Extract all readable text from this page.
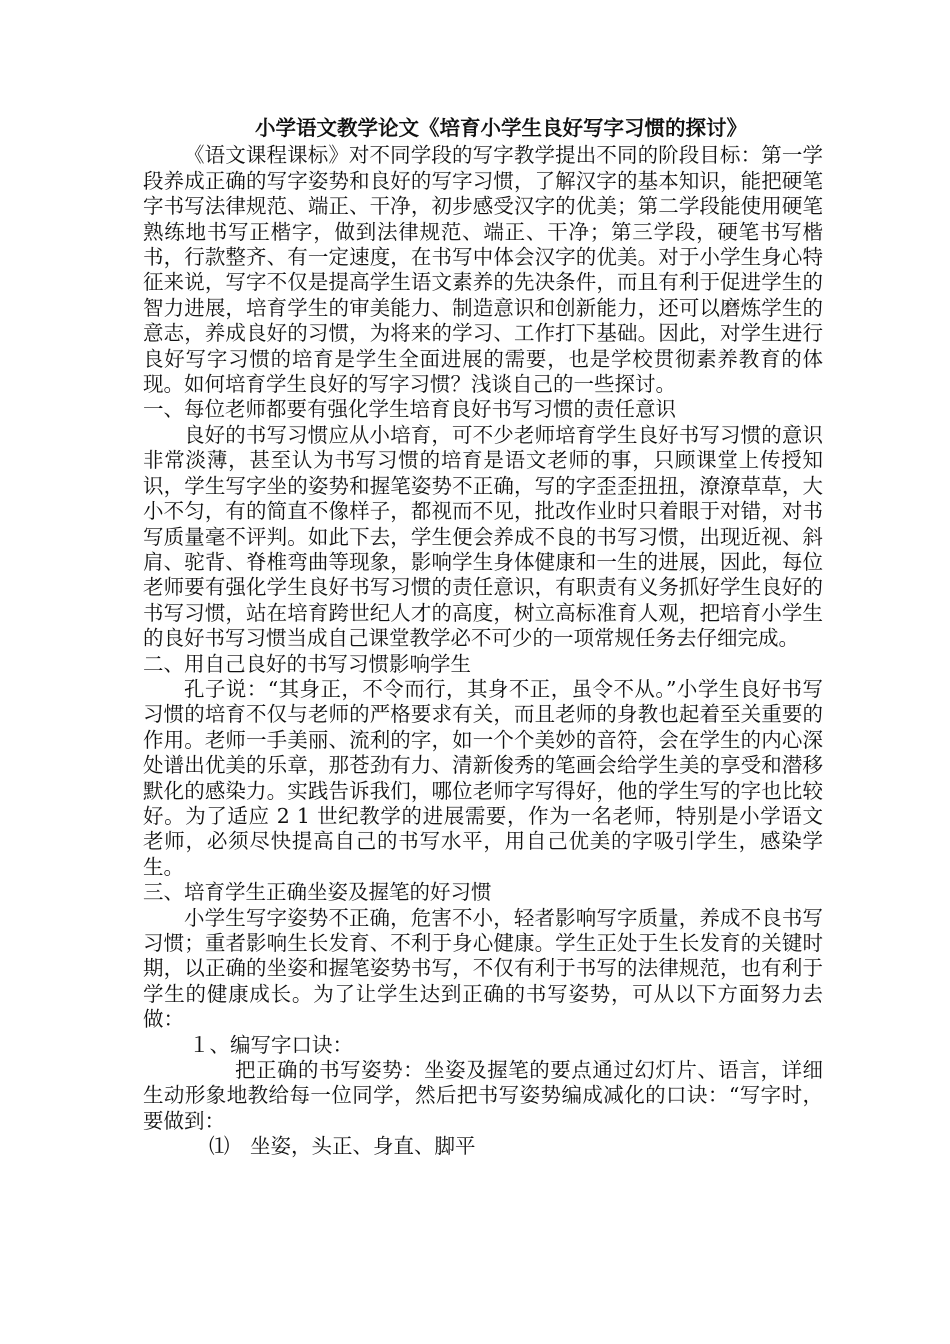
小学语文教学论文《培育小学生良好写字习惯的探讨》

《语文课程课标》对不同学段的写字教学提出不同的阶段目标：第一学段养成正确的写字姿势和良好的写字习惯，了解汉字的基本知识，能把硬笔字书写法律规范、端正、干净，初步感受汉字的优美；第二学段能使用硬笔熟练地书写正楷字，做到法律规范、端正、干净；第三学段，硬笔书写楷书，行款整齐、有一定速度，在书写中体会汉字的优美。对于小学生身心特征来说，写字不仅是提高学生语文素养的先决条件，而且有利于促进学生的智力进展，培育学生的审美能力、制造意识和创新能力，还可以磨炼学生的意志，养成良好的习惯，为将来的学习、工作打下基础。因此，对学生进行良好写字习惯的培育是学生全面进展的需要，也是学校贯彻素养教育的体现。如何培育学生良好的写字习惯？浅谈自己的一些探讨。

一、每位老师都要有强化学生培育良好书写习惯的责任意识

良好的书写习惯应从小培育，可不少老师培育学生良好书写习惯的意识非常淡薄，甚至认为书写习惯的培育是语文老师的事，只顾课堂上传授知识，学生写字坐的姿势和握笔姿势不正确，写的字歪歪扭扭，潦潦草草，大小不匀，有的简直不像样子，都视而不见，批改作业时只着眼于对错，对书写质量毫不评判。如此下去，学生便会养成不良的书写习惯，出现近视、斜肩、驼背、脊椎弯曲等现象，影响学生身体健康和一生的进展，因此，每位老师要有强化学生良好书写习惯的责任意识，有职责有义务抓好学生良好的书写习惯，站在培育跨世纪人才的高度，树立高标准育人观，把培育小学生的良好书写习惯当成自己课堂教学必不可少的一项常规任务去仔细完成。

二、用自己良好的书写习惯影响学生

孔子说：“其身正，不令而行，其身不正，虽令不从。”小学生良好书写习惯的培育不仅与老师的严格要求有关，而且老师的身教也起着至关重要的作用。老师一手美丽、流利的字，如一个个美妙的音符，会在学生的内心深处谱出优美的乐章，那苍劲有力、清新俊秀的笔画会给学生美的享受和潜移默化的感染力。实践告诉我们，哪位老师字写得好，他的学生写的字也比较好。为了适应 2 1 世纪教学的进展需要，作为一名老师，特别是小学语文老师，必须尽快提高自己的书写水平，用自己优美的字吸引学生，感染学生。

三、培育学生正确坐姿及握笔的好习惯

小学生写字姿势不正确，危害不小，轻者影响写字质量，养成不良书写习惯；重者影响生长发育、不利于身心健康。学生正处于生长发育的关键时期，以正确的坐姿和握笔姿势书写，不仅有利于书写的法律规范，也有利于学生的健康成长。为了让学生达到正确的书写姿势，可从以下方面努力去做：

１、编写字口诀：

把正确的书写姿势：坐姿及握笔的要点通过幻灯片、语言，详细生动形象地教给每一位同学，然后把书写姿势编成减化的口诀：“写字时，要做到：

⑴　坐姿，头正、身直、脚平
